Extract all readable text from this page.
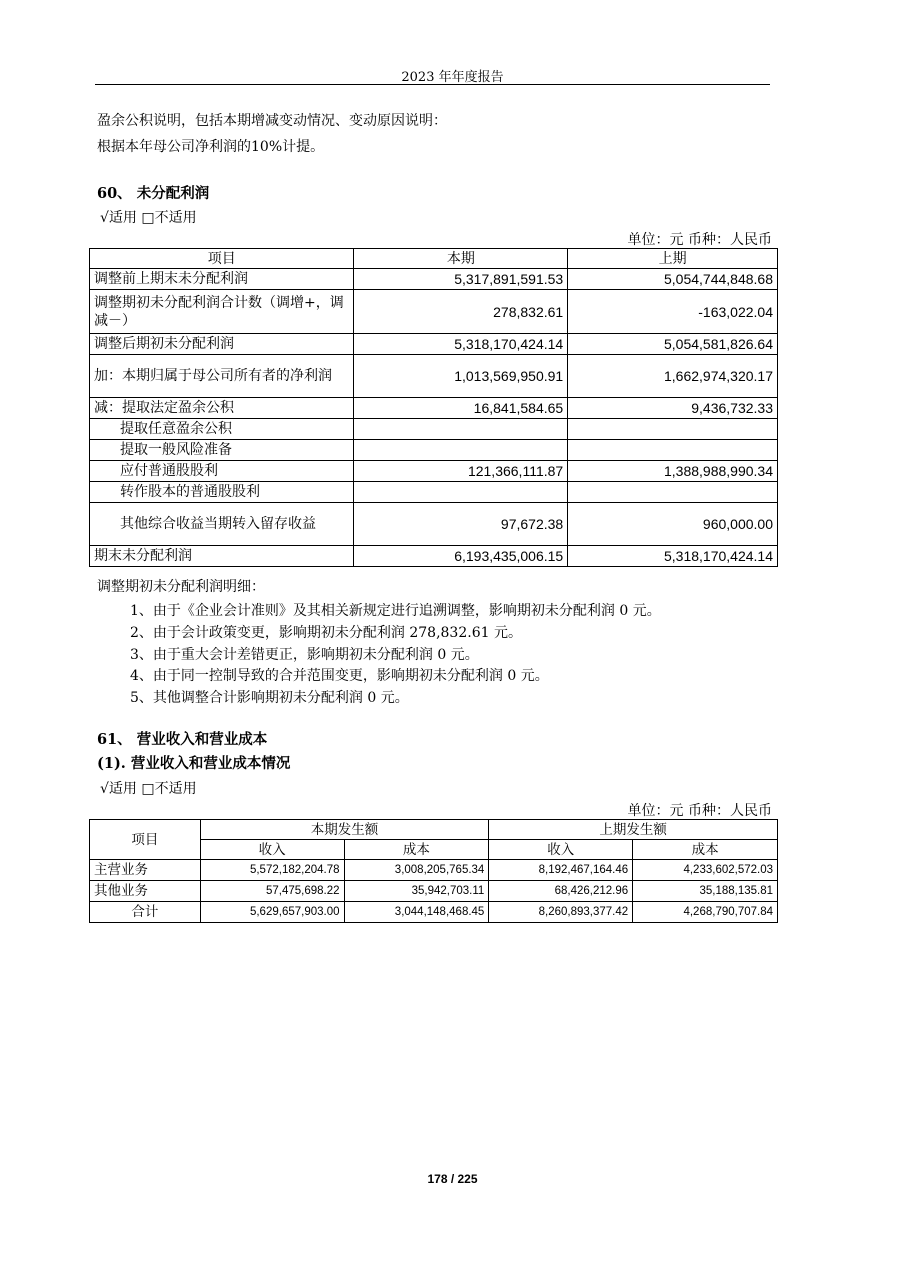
2023 年年度报告
盈余公积说明，包括本期增减变动情况、变动原因说明：
根据本年母公司净利润的10%计提。
60、 未分配利润
√适用 □不适用
单位：元 币种：人民币
项目	本期	上期
调整前上期末未分配利润	5,317,891,591.53	5,054,744,848.68
调整期初未分配利润合计数（调增+，调减－）	278,832.61	-163,022.04
调整后期初未分配利润	5,318,170,424.14	5,054,581,826.64
加：本期归属于母公司所有者的净利润	1,013,569,950.91	1,662,974,320.17
减：提取法定盈余公积	16,841,584.65	9,436,732.33
提取任意盈余公积		
提取一般风险准备		
应付普通股股利	121,366,111.87	1,388,988,990.34
转作股本的普通股股利		
其他综合收益当期转入留存收益	97,672.38	960,000.00
期末未分配利润	6,193,435,006.15	5,318,170,424.14
调整期初未分配利润明细：
1、由于《企业会计准则》及其相关新规定进行追溯调整，影响期初未分配利润 0 元。
2、由于会计政策变更，影响期初未分配利润 278,832.61 元。
3、由于重大会计差错更正，影响期初未分配利润 0 元。
4、由于同一控制导致的合并范围变更，影响期初未分配利润 0 元。
5、其他调整合计影响期初未分配利润 0 元。
61、 营业收入和营业成本
(1). 营业收入和营业成本情况
√适用 □不适用
单位：元 币种：人民币
项目	本期发生额		上期发生额	
	收入	成本	收入	成本
主营业务	5,572,182,204.78	3,008,205,765.34	8,192,467,164.46	4,233,602,572.03
其他业务	57,475,698.22	35,942,703.11	68,426,212.96	35,188,135.81
合计	5,629,657,903.00	3,044,148,468.45	8,260,893,377.42	4,268,790,707.84
178 / 225
